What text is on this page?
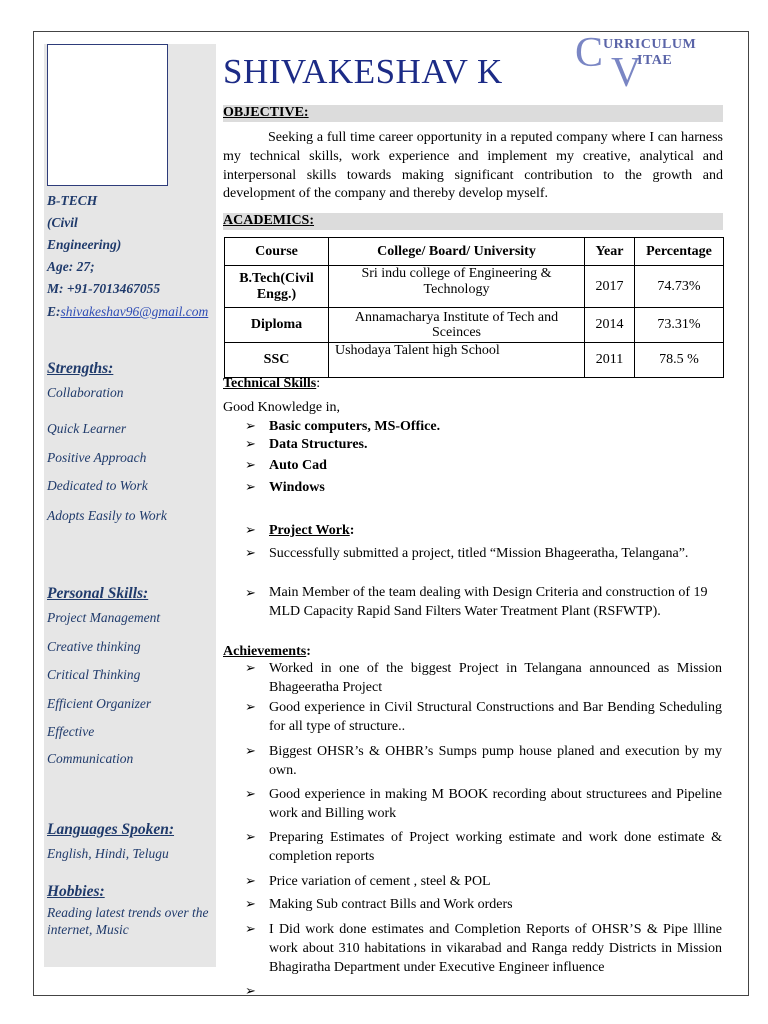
B-TECH
(Civil
Engineering)
Age: 27;
M: +91-7013467055
E: shivakeshav96@gmail.com
Strengths:
Collaboration
Quick Learner
Positive Approach
Dedicated to Work
Adopts Easily to Work
Personal Skills:
Project Management
Creative thinking
Critical Thinking
Efficient Organizer
Effective
Communication
Languages Spoken:
English, Hindi, Telugu
Hobbies:
Reading latest trends over the internet, Music
SHIVAKESHAV K C URRICULUM
V
ITAE
OBJECTIVE:
Seeking a full time career opportunity in a reputed company where I can harness my technical skills, work experience and implement my creative, analytical and interpersonal skills towards making significant contribution to the growth and development of the company and thereby develop myself.
ACADEMICS:
Course	College/ Board/ University	Year	Percentage
B.Tech(Civil Engg.)	Sri indu college of Engineering & Technology	2017	74.73%
Diploma	Annamacharya Institute of Tech and Sceinces	2014	73.31%
SSC	Ushodaya Talent high School	2011	78.5 %
Technical Skills:
Good Knowledge in,
➢ Basic computers, MS-Office.
➢ Data Structures.
➢ Auto Cad
➢ Windows
➢ Project Work:
➢ Successfully submitted a project, titled “Mission Bhageeratha, Telangana”.
➢ Main Member of the team dealing with Design Criteria and construction of 19 MLD Capacity Rapid Sand Filters Water Treatment Plant (RSFWTP).
Achievements:
➢ Worked in one of the biggest Project in Telangana announced as Mission Bhageeratha Project
➢ Good experience in Civil Structural Constructions and Bar Bending Scheduling for all type of structure..
➢ Biggest OHSR’s & OHBR’s Sumps pump house planed and execution by my own.
➢ Good experience in making M BOOK recording about structurees and Pipeline work and Billing work
➢ Preparing Estimates of Project working estimate and work done estimate & completion reports
➢ Price variation of cement , steel & POL
➢ Making Sub contract Bills and Work orders
➢ I Did work done estimates and Completion Reports of OHSR’S & Pipe llline work about 310 habitations in vikarabad and Ranga reddy Districts in Mission Bhagiratha Department under Executive Engineer influence
➢
